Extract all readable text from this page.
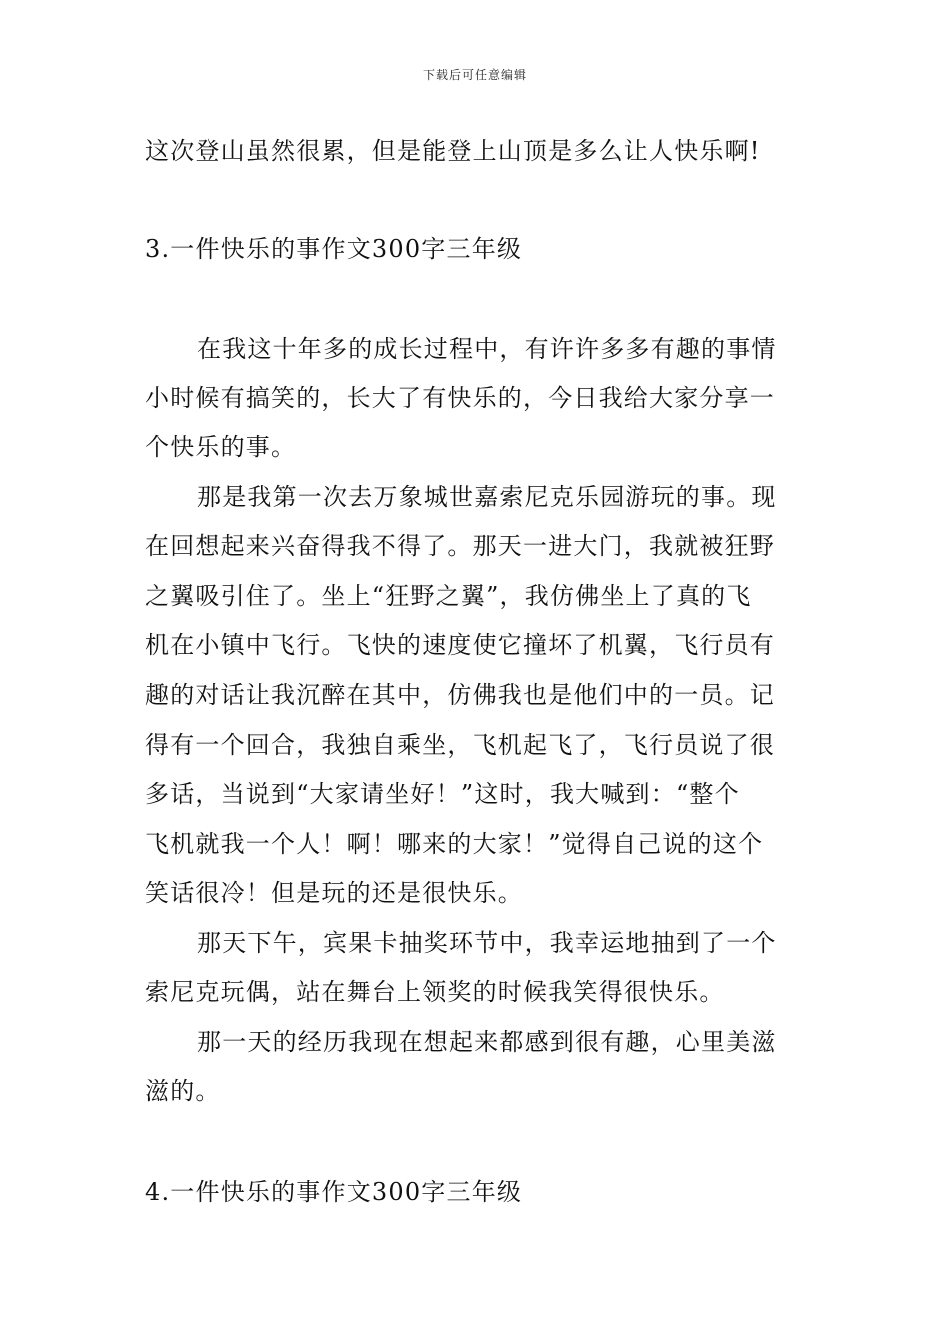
下载后可任意编辑
这次登山虽然很累，但是能登上山顶是多么让人快乐啊!
3.一件快乐的事作文300字三年级
在我这十年多的成长过程中，有许许多多有趣的事情
小时候有搞笑的，长大了有快乐的，今日我给大家分享一
个快乐的事。
那是我第一次去万象城世嘉索尼克乐园游玩的事。现
在回想起来兴奋得我不得了。那天一进大门，我就被狂野
之翼吸引住了。坐上“狂野之翼”，我仿佛坐上了真的飞
机在小镇中飞行。飞快的速度使它撞坏了机翼，飞行员有
趣的对话让我沉醉在其中，仿佛我也是他们中的一员。记
得有一个回合，我独自乘坐，飞机起飞了，飞行员说了很
多话，当说到“大家请坐好！”这时，我大喊到：“整个
飞机就我一个人！啊！哪来的大家！”觉得自己说的这个
笑话很冷！但是玩的还是很快乐。
那天下午，宾果卡抽奖环节中，我幸运地抽到了一个
索尼克玩偶，站在舞台上领奖的时候我笑得很快乐。
那一天的经历我现在想起来都感到很有趣，心里美滋
滋的。
4.一件快乐的事作文300字三年级
